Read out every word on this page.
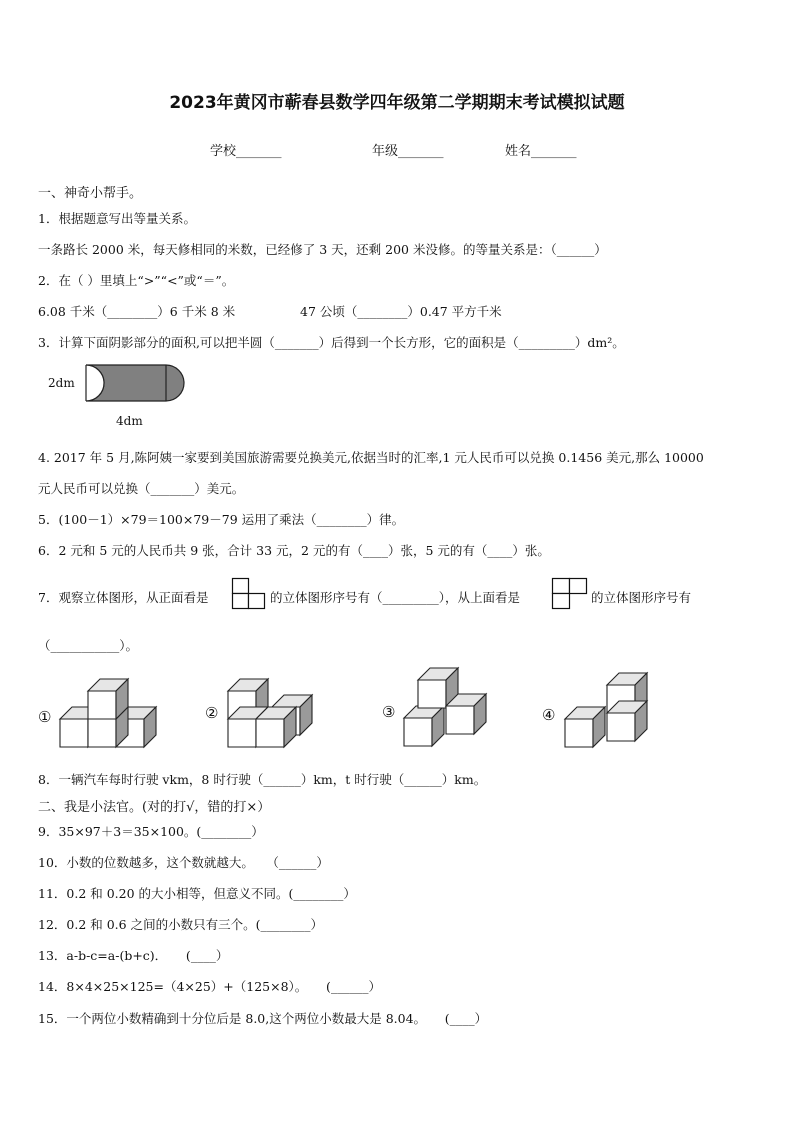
2023年黄冈市蕲春县数学四年级第二学期期末考试模拟试题
学校_______	年级_______	姓名_______
一、神奇小帮手。
1．根据题意写出等量关系。
一条路长 2000 米，每天修相同的米数，已经修了 3 天，还剩 200 米没修。的等量关系是：（______）
2．在（ ）里填上“>”“<”或“＝”。
6.08 千米（________）6 千米 8 米	47 公顷（________）0.47 平方千米
3．计算下面阴影部分的面积,可以把半圆（_______）后得到一个长方形，它的面积是（_________）dm²。
2dm
4dm
4. 2017 年 5 月,陈阿姨一家要到美国旅游需要兑换美元,依据当时的汇率,1 元人民币可以兑换 0.1456 美元,那么 10000
元人民币可以兑换（_______）美元。
5．(100－1）×79＝100×79－79 运用了乘法（________）律。
6．2 元和 5 元的人民币共 9 张，合计 33 元，2 元的有（____）张，5 元的有（____）张。
7．观察立体图形，从正面看是	的立体图形序号有（_________），从上面看是	的立体图形序号有
（___________）。
①	②	③	④
8．一辆汽车每时行驶 vkm，8 时行驶（______）km，t 时行驶（______）km。
二、我是小法官。(对的打√，错的打×）
9．35×97＋3＝35×100。(________）
10．小数的位数越多，这个数就越大。　　（______）
11．0.2 和 0.20 的大小相等，但意义不同。(________）
12．0.2 和 0.6 之间的小数只有三个。(________）
13．a-b-c=a-(b+c)．　　(____）
14．8×4×25×125=（4×25）+（125×8）。　　(______）
15．一个两位小数精确到十分位后是 8.0,这个两位小数最大是 8.04。　　(____）
